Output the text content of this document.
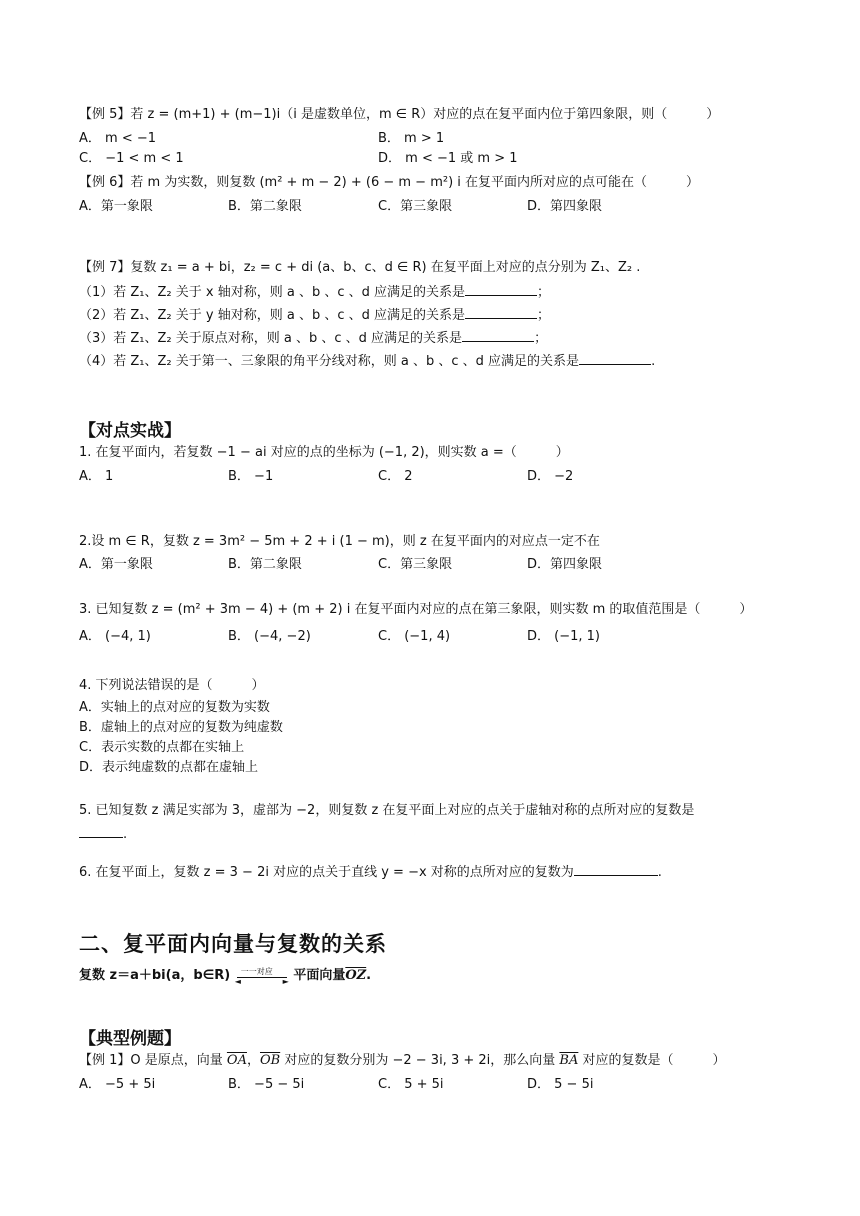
【例 5】若 z = (m+1) + (m−1)i（i 是虚数单位，m ∈ R）对应的点在复平面内位于第四象限，则（　　　）
A． m < −1	B． m > 1
C． −1 < m < 1	D． m < −1 或 m > 1
【例 6】若 m 为实数，则复数 (m² + m − 2) + (6 − m − m²) i 在复平面内所对应的点可能在（　　　）
A．第一象限	B．第二象限	C．第三象限	D．第四象限
【例 7】复数 z₁ = a + bi，z₂ = c + di (a、b、c、d ∈ R) 在复平面上对应的点分别为 Z₁、Z₂ .
（1）若 Z₁、Z₂ 关于 x 轴对称，则 a 、b 、c 、d 应满足的关系是	；
（2）若 Z₁、Z₂ 关于 y 轴对称，则 a 、b 、c 、d 应满足的关系是	；
（3）若 Z₁、Z₂ 关于原点对称，则 a 、b 、c 、d 应满足的关系是	；
（4）若 Z₁、Z₂ 关于第一、三象限的角平分线对称，则 a 、b 、c 、d 应满足的关系是	.
【对点实战】
1. 在复平面内，若复数 −1 − ai 对应的点的坐标为 (−1, 2)，则实数 a =（　　　）
A． 1	B． −1	C． 2	D． −2
2.设 m ∈ R，复数 z = 3m² − 5m + 2 + i (1 − m)，则 z 在复平面内的对应点一定不在
A．第一象限	B．第二象限	C．第三象限	D．第四象限
3. 已知复数 z = (m² + 3m − 4) + (m + 2) i 在复平面内对应的点在第三象限，则实数 m 的取值范围是（　　　）
A． (−4, 1)	B． (−4, −2)	C． (−1, 4)	D． (−1, 1)
4. 下列说法错误的是（　　　）
A．实轴上的点对应的复数为实数
B．虚轴上的点对应的复数为纯虚数
C．表示实数的点都在实轴上
D．表示纯虚数的点都在虚轴上
5. 已知复数 z 满足实部为 3，虚部为 −2，则复数 z 在复平面上对应的点关于虚轴对称的点所对应的复数是
.
6. 在复平面上，复数 z = 3 − 2i 对应的点关于直线 y = −x 对称的点所对应的复数为	.
二、复平面内向量与复数的关系
复数 z＝a＋bi(a，b∈R) 一一对应
◄	► 平面向量$\overline{OZ}$.
【典型例题】
【例 1】O 是原点，向量 $\overline{OA}$，$\overline{OB}$ 对应的复数分别为 −2 − 3i, 3 + 2i，那么向量 $\overline{BA}$ 对应的复数是（　　　）
A． −5 + 5i	B． −5 − 5i	C． 5 + 5i	D． 5 − 5i
